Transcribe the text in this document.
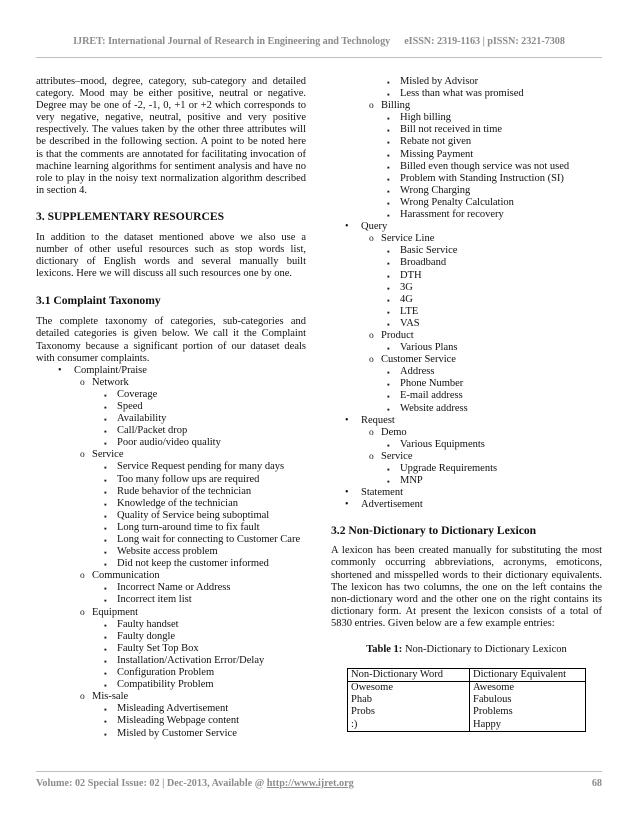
IJRET: International Journal of Research in Engineering and Technology eISSN: 2319-1163 | pISSN: 2321-7308

attributes–mood, degree, category, sub-category and detailed category. Mood may be either positive, neutral or negative. Degree may be one of -2, -1, 0, +1 or +2 which corresponds to very negative, negative, neutral, positive and very positive respectively. The values taken by the other three attributes will be described in the following section. A point to be noted here is that the comments are annotated for facilitating invocation of machine learning algorithms for sentiment analysis and have no role to play in the noisy text normalization algorithm described in section 4.

3. SUPPLEMENTARY RESOURCES

In addition to the dataset mentioned above we also use a number of other useful resources such as stop words list, dictionary of English words and several manually built lexicons. Here we will discuss all such resources one by one.

3.1 Complaint Taxonomy

The complete taxonomy of categories, sub-categories and detailed categories is given below. We call it the Complaint Taxonomy because a significant portion of our dataset deals with consumer complaints.

• Complaint/Praise
o Network
▪ Coverage
▪ Speed
▪ Availability
▪ Call/Packet drop
▪ Poor audio/video quality
o Service
▪ Service Request pending for many days
▪ Too many follow ups are required
▪ Rude behavior of the technician
▪ Knowledge of the technician
▪ Quality of Service being suboptimal
▪ Long turn-around time to fix fault
▪ Long wait for connecting to Customer Care
▪ Website access problem
▪ Did not keep the customer informed
o Communication
▪ Incorrect Name or Address
▪ Incorrect item list
o Equipment
▪ Faulty handset
▪ Faulty dongle
▪ Faulty Set Top Box
▪ Installation/Activation Error/Delay
▪ Configuration Problem
▪ Compatibility Problem
o Mis-sale
▪ Misleading Advertisement
▪ Misleading Webpage content
▪ Misled by Customer Service
▪ Misled by Advisor
▪ Less than what was promised
o Billing
▪ High billing
▪ Bill not received in time
▪ Rebate not given
▪ Missing Payment
▪ Billed even though service was not used
▪ Problem with Standing Instruction (SI)
▪ Wrong Charging
▪ Wrong Penalty Calculation
▪ Harassment for recovery
• Query
o Service Line
▪ Basic Service
▪ Broadband
▪ DTH
▪ 3G
▪ 4G
▪ LTE
▪ VAS
o Product
▪ Various Plans
o Customer Service
▪ Address
▪ Phone Number
▪ E-mail address
▪ Website address
• Request
o Demo
▪ Various Equipments
o Service
▪ Upgrade Requirements
▪ MNP
• Statement
• Advertisement
3.2 Non-Dictionary to Dictionary Lexicon

A lexicon has been created manually for substituting the most commonly occurring abbreviations, acronyms, emoticons, shortened and misspelled words to their dictionary equivalents. The lexicon has two columns, the one on the left contains the non-dictionary word and the other one on the right contains its dictionary form. At present the lexicon consists of a total of 5830 entries. Given below are a few example entries:

Table 1: Non-Dictionary to Dictionary Lexicon

Non-Dictionary Word	Dictionary Equivalent
Owesome	Awesome
Phab	Fabulous
Probs	Problems
:)	Happy
Volume: 02 Special Issue: 02 | Dec-2013, Available @ http://www.ijret.org	68
